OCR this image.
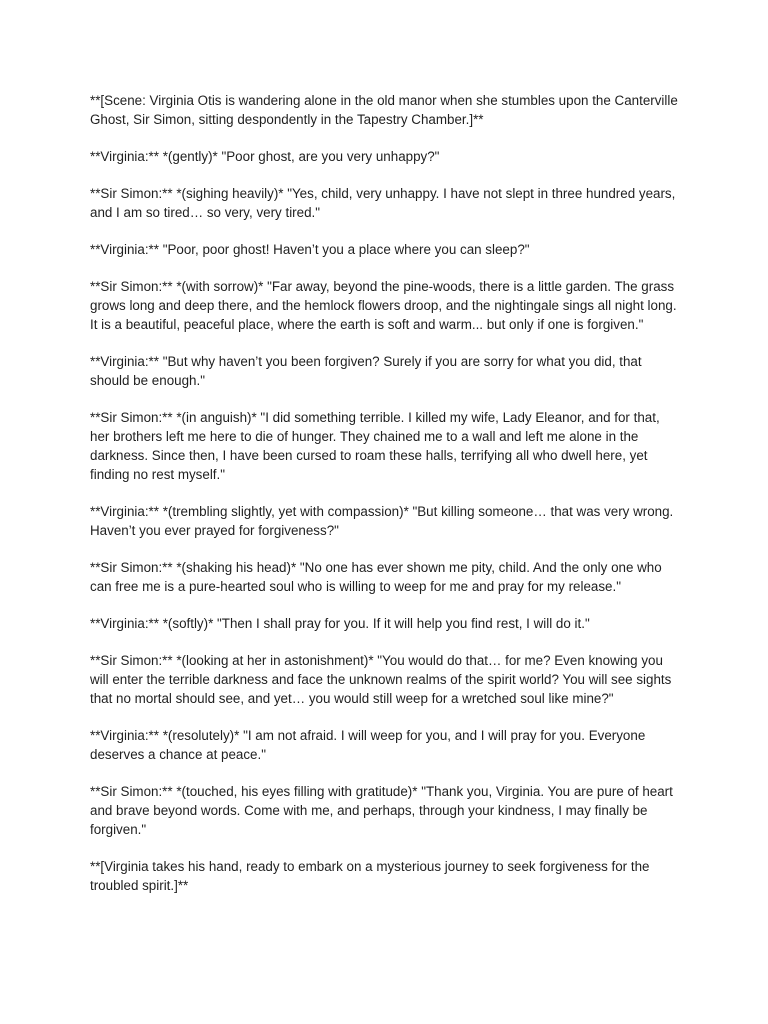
**[Scene: Virginia Otis is wandering alone in the old manor when she stumbles upon the Canterville Ghost, Sir Simon, sitting despondently in the Tapestry Chamber.]**

**Virginia:** *(gently)* "Poor ghost, are you very unhappy?"

**Sir Simon:** *(sighing heavily)* "Yes, child, very unhappy. I have not slept in three hundred years, and I am so tired… so very, very tired."

**Virginia:** "Poor, poor ghost! Haven’t you a place where you can sleep?"

**Sir Simon:** *(with sorrow)* "Far away, beyond the pine-woods, there is a little garden. The grass grows long and deep there, and the hemlock flowers droop, and the nightingale sings all night long. It is a beautiful, peaceful place, where the earth is soft and warm... but only if one is forgiven."

**Virginia:** "But why haven’t you been forgiven? Surely if you are sorry for what you did, that should be enough."

**Sir Simon:** *(in anguish)* "I did something terrible. I killed my wife, Lady Eleanor, and for that, her brothers left me here to die of hunger. They chained me to a wall and left me alone in the darkness. Since then, I have been cursed to roam these halls, terrifying all who dwell here, yet finding no rest myself."

**Virginia:** *(trembling slightly, yet with compassion)* "But killing someone… that was very wrong. Haven’t you ever prayed for forgiveness?"

**Sir Simon:** *(shaking his head)* "No one has ever shown me pity, child. And the only one who can free me is a pure-hearted soul who is willing to weep for me and pray for my release."

**Virginia:** *(softly)* "Then I shall pray for you. If it will help you find rest, I will do it."

**Sir Simon:** *(looking at her in astonishment)* "You would do that… for me? Even knowing you will enter the terrible darkness and face the unknown realms of the spirit world? You will see sights that no mortal should see, and yet… you would still weep for a wretched soul like mine?"

**Virginia:** *(resolutely)* "I am not afraid. I will weep for you, and I will pray for you. Everyone deserves a chance at peace."

**Sir Simon:** *(touched, his eyes filling with gratitude)* "Thank you, Virginia. You are pure of heart and brave beyond words. Come with me, and perhaps, through your kindness, I may finally be forgiven."

**[Virginia takes his hand, ready to embark on a mysterious journey to seek forgiveness for the troubled spirit.]**
